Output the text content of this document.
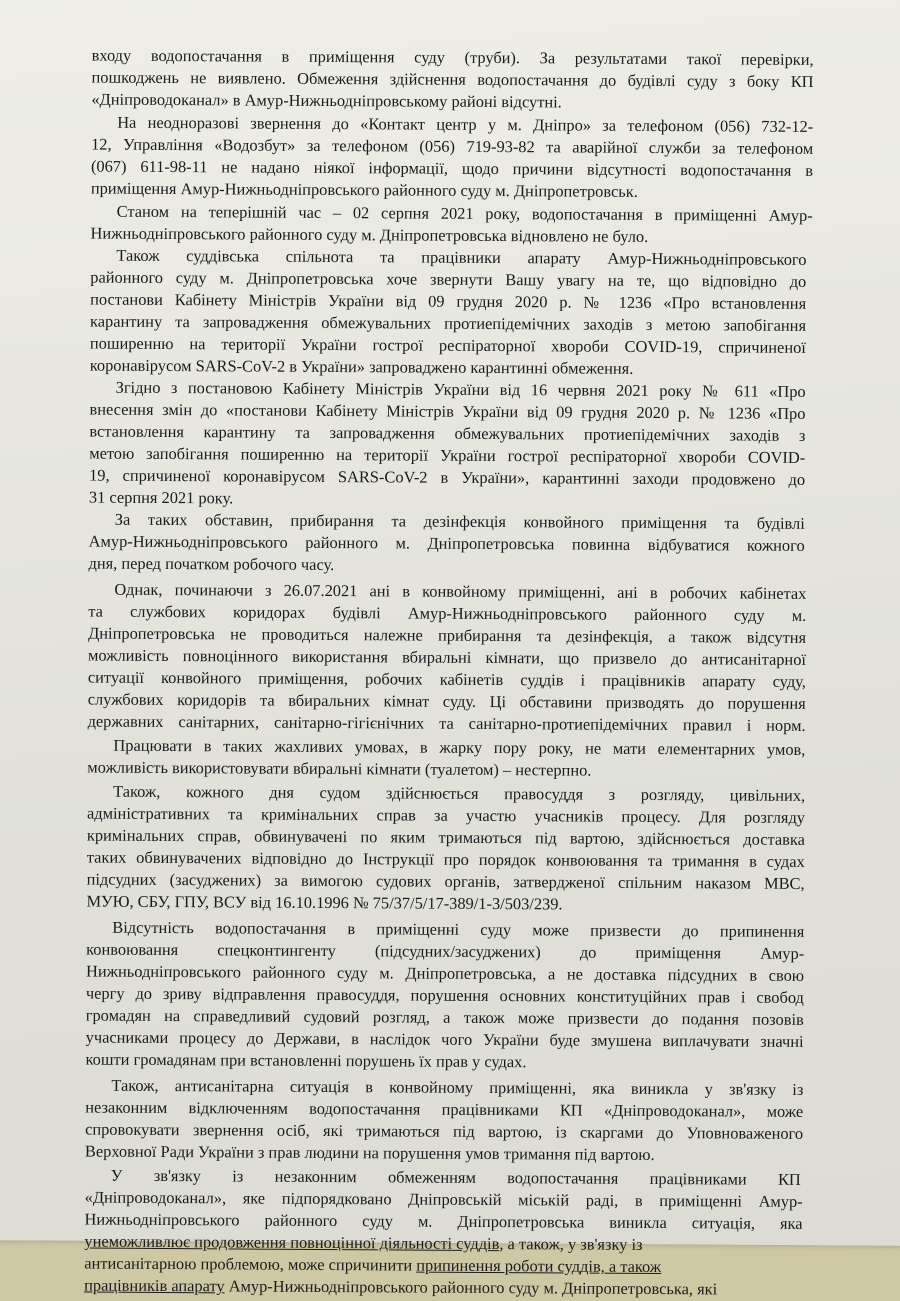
входу водопостачання в приміщення суду (труби). За результатами такої перевірки,
пошкоджень не виявлено. Обмеження здійснення водопостачання до будівлі суду з боку КП
«Дніпроводоканал» в Амур-Нижньодніпровському районі відсутні.
На неодноразові звернення до «Контакт центр у м. Дніпро» за телефоном (056) 732-12-
12, Управління «Водозбут» за телефоном (056) 719-93-82 та аварійної служби за телефоном
(067) 611-98-11 не надано ніякої інформації, щодо причини відсутності водопостачання в
приміщення Амур-Нижньодніпровського районного суду м. Дніпропетровськ.
Станом на теперішній час – 02 серпня 2021 року, водопостачання в приміщенні Амур-
Нижньодніпровського районного суду м. Дніпропетровська відновлено не було.
Також суддівська спільнота та працівники апарату Амур-Нижньодніпровського
районного суду м. Дніпропетровська хоче звернути Вашу увагу на те, що відповідно до
постанови Кабінету Міністрів України від 09 грудня 2020 р. № 1236 «Про встановлення
карантину та запровадження обмежувальних протиепідемічних заходів з метою запобігання
поширенню на території України гострої респіраторної хвороби COVID-19, спричиненої
коронавірусом SARS-CoV-2 в України» запроваджено карантинні обмеження.
Згідно з постановою Кабінету Міністрів України від 16 червня 2021 року № 611 «Про
внесення змін до «постанови Кабінету Міністрів України від 09 грудня 2020 р. № 1236 «Про
встановлення карантину та запровадження обмежувальних протиепідемічних заходів з
метою запобігання поширенню на території України гострої респіраторної хвороби COVID-
19, спричиненої коронавірусом SARS-CoV-2 в України», карантинні заходи продовжено до
31 серпня 2021 року.
За таких обставин, прибирання та дезінфекція конвойного приміщення та будівлі
Амур-Нижньодніпровського районного м. Дніпропетровська повинна відбуватися кожного
дня, перед початком робочого часу.
Однак, починаючи з 26.07.2021 ані в конвойному приміщенні, ані в робочих кабінетах
та службових коридорах будівлі Амур-Нижньодніпровського районного суду м.
Дніпропетровська не проводиться належне прибирання та дезінфекція, а також відсутня
можливість повноцінного використання вбиральні кімнати, що призвело до антисанітарної
ситуації конвойного приміщення, робочих кабінетів суддів і працівників апарату суду,
службових коридорів та вбиральних кімнат суду. Ці обставини призводять до порушення
державних санітарних, санітарно-гігієнічних та санітарно-протиепідемічних правил і норм.
Працювати в таких жахливих умовах, в жарку пору року, не мати елементарних умов,
можливість використовувати вбиральні кімнати (туалетом) – нестерпно.
Також, кожного дня судом здійснюється правосуддя з розгляду, цивільних,
адміністративних та кримінальних справ за участю учасників процесу. Для розгляду
кримінальних справ, обвинувачені по яким тримаються під вартою, здійснюється доставка
таких обвинувачених відповідно до Інструкції про порядок конвоювання та тримання в судах
підсудних (засуджених) за вимогою судових органів, затвердженої спільним наказом МВС,
МУЮ, СБУ, ГПУ, ВСУ від 16.10.1996 № 75/37/5/17-389/1-3/503/239.
Відсутність водопостачання в приміщенні суду може призвести до припинення
конвоювання спецконтингенту (підсудних/засуджених) до приміщення Амур-
Нижньодніпровського районного суду м. Дніпропетровська, а не доставка підсудних в свою
чергу до зриву відправлення правосуддя, порушення основних конституційних прав і свобод
громадян на справедливий судовий розгляд, а також може призвести до подання позовів
учасниками процесу до Держави, в наслідок чого України буде змушена виплачувати значні
кошти громадянам при встановленні порушень їх прав у судах.
Також, антисанітарна ситуація в конвойному приміщенні, яка виникла у зв'язку із
незаконним відключенням водопостачання працівниками КП «Дніпроводоканал», може
спровокувати звернення осіб, які тримаються під вартою, із скаргами до Уповноваженого
Верховної Ради України з прав людини на порушення умов тримання під вартою.
У зв'язку із незаконним обмеженням водопостачання працівниками КП
«Дніпроводоканал», яке підпорядковано Дніпровській міській раді, в приміщенні Амур-
Нижньодніпровського районного суду м. Дніпропетровська виникла ситуація, яка
унеможливлює продовження повноцінної діяльності суддів, а також, у зв'язку із
антисанітарною проблемою, може спричинити припинення роботи суддів, а також
працівників апарату Амур-Нижньодніпровського районного суду м. Дніпропетровська, які
